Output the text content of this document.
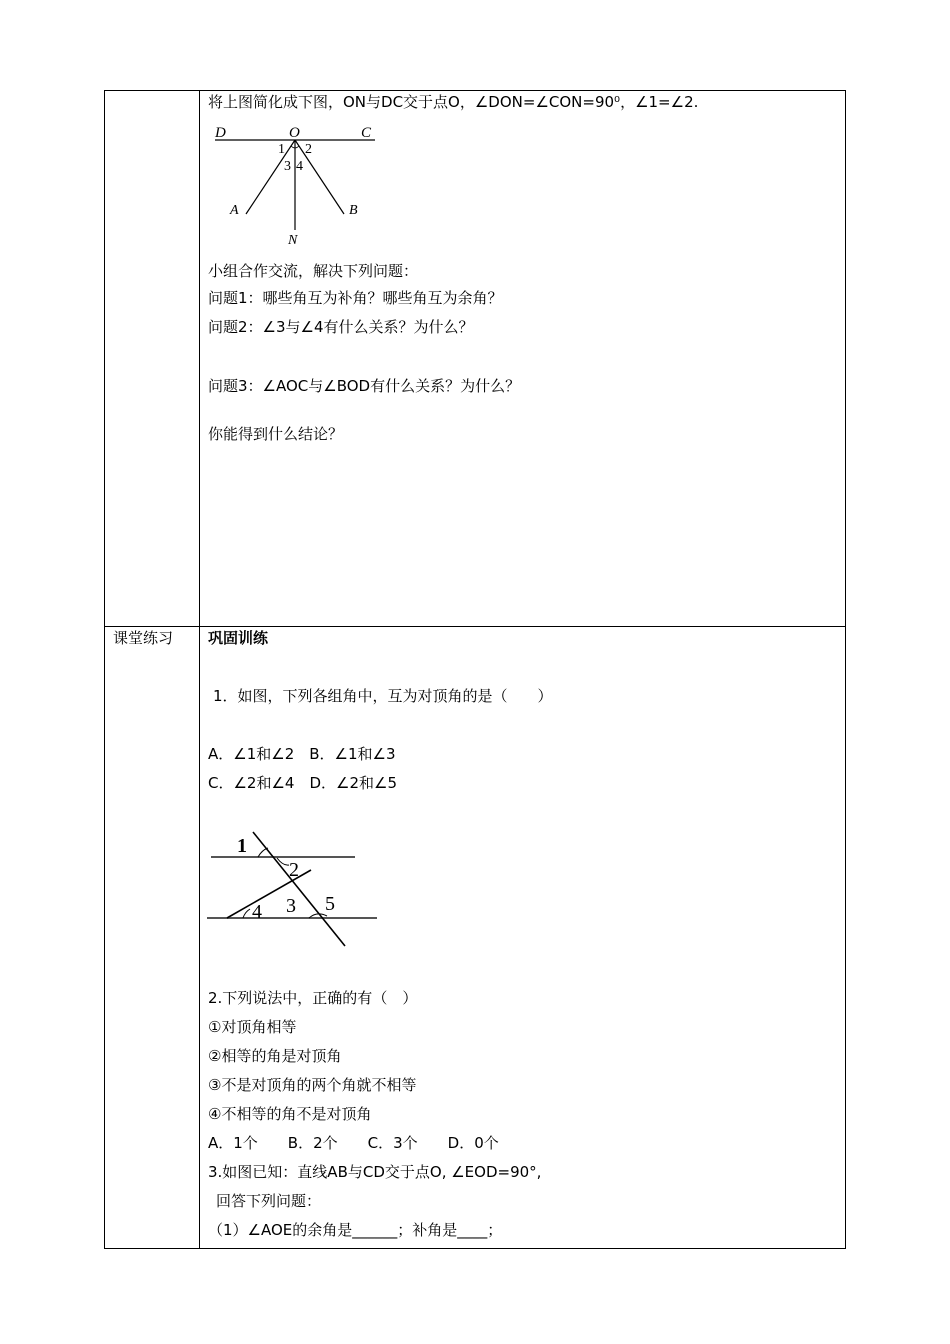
将上图简化成下图，ON与DC交于点O，∠DON=∠CON=90⁰，∠1=∠2.
D	O	C
1 2
3 4
A	B
N
小组合作交流，解决下列问题：
问题1：哪些角互为补角？哪些角互为余角？
问题2：∠3与∠4有什么关系？为什么？
问题3：∠AOC与∠BOD有什么关系？为什么？
你能得到什么结论？
课堂练习 巩固训练
1．如图，下列各组角中，互为对顶角的是（　　）
A．∠1和∠2　B．∠1和∠3
C．∠2和∠4　D．∠2和∠5
1
2
3
4	5
2.下列说法中，正确的有（　）
①对顶角相等
②相等的角是对顶角
③不是对顶角的两个角就不相等
④不相等的角不是对顶角
A．1个　　B．2个　　C．3个　　D．0个
3.如图已知：直线AB与CD交于点O, ∠EOD=90°,
回答下列问题：
（1）∠AOE的余角是______；补角是____；
